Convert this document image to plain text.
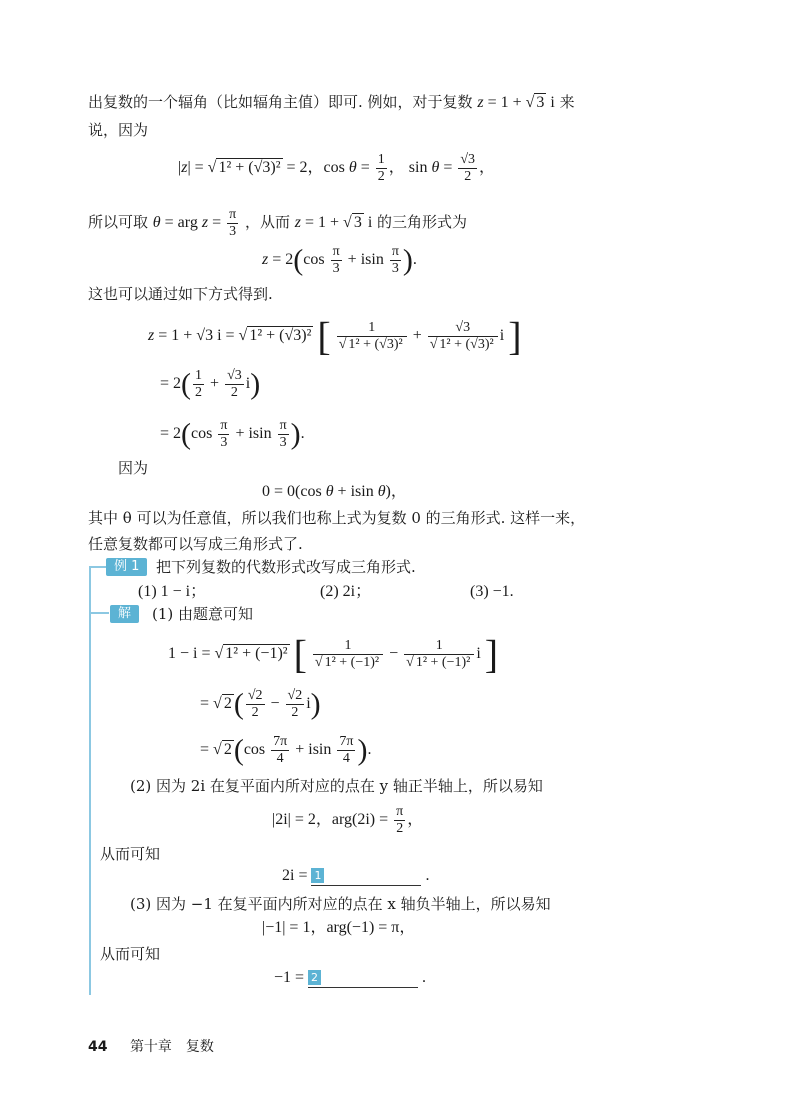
出复数的一个辐角（比如辐角主值）即可. 例如，对于复数 z = 1 + √ 3 i 来
说，因为
|z| = √ 1² + (√3)² = 2，$\cos \theta = \frac{1}{2}$ ， $\sin \theta = \frac{√3}{2}$ ，
所以可取 θ = arg $z = \frac{\pi}{3}$ ，从而 z = 1 + √ 3 i 的三角形式为
$z = 2(\cos \frac{\pi}{3} + isin \frac{\pi}{3}$ ).
这也可以通过如下方式得到.
z = 1 + √3 i = √ 1² + (√3)² [ $\frac{1}{\text{√ 1² + (√3)²}} + \frac{√3}{\text{√ 1² + (√3)²}}$ i ]
= $2( \frac{1}{2} + \frac{√3}{2} i)$
= $2(\cos \frac{\pi}{3} + isin \frac{\pi}{3}$ ).
因为
0 = 0(cos θ + isin θ)，
其中 θ 可以为任意值，所以我们也称上式为复数 0 的三角形式. 这样一来，
任意复数都可以写成三角形式了.
例 1	把下列复数的代数形式改写成三角形式.
(1) 1 − i；	(2) 2i；	(3) −1.
解	(1) 由题意可知
1 − i = √ 1² + (−1)² [ $\frac{1}{\text{√ 1² + (−1)²}} - \frac{1}{\text{√ 1² + (−1)²}}$ i ]
= √ $2( \frac{√2}{2} - \frac{√2}{2} i)$
= √ $2(\cos \frac{7\pi}{4} + isin \frac{7\pi}{4}$ ).
(2) 因为 2i 在复平面内所对应的点在 y 轴正半轴上，所以易知
|2i| = 2，$arg(2i) = \frac{\pi}{2}$ ，
从而可知
2i = 1	.
(3) 因为 −1 在复平面内所对应的点在 x 轴负半轴上，所以易知
|−1| = 1，arg(−1) = π，
从而可知
−1 = 2	.
44 第十章　复数
